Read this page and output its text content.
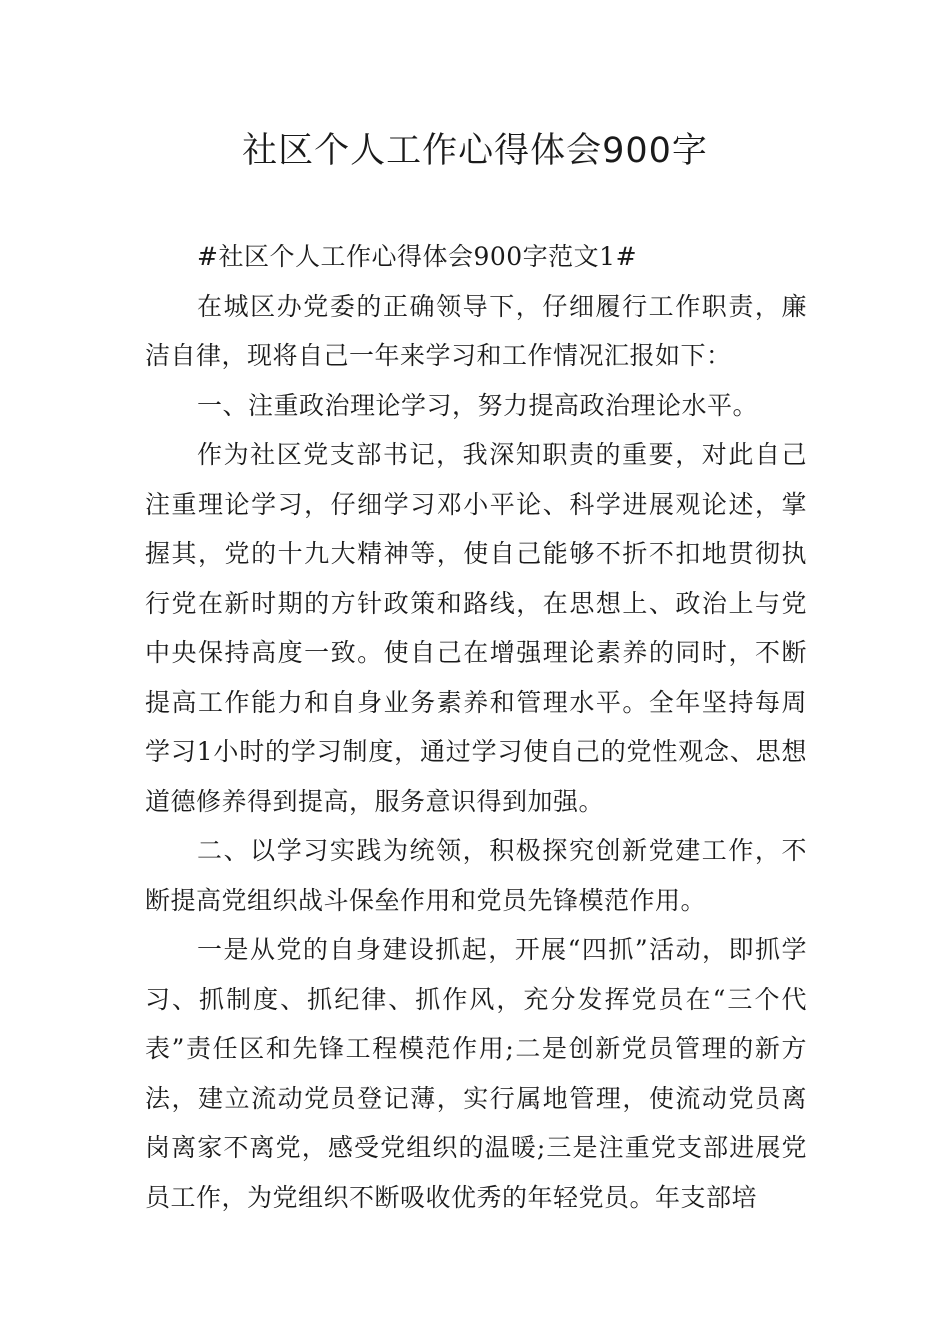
社区个人工作心得体会900字

#社区个人工作心得体会900字范文1#

在城区办党委的正确领导下，仔细履行工作职责，廉洁自律，现将自己一年来学习和工作情况汇报如下：

一、注重政治理论学习，努力提高政治理论水平。

作为社区党支部书记，我深知职责的重要，对此自己注重理论学习，仔细学习邓小平论、科学进展观论述，掌握其，党的十九大精神等，使自己能够不折不扣地贯彻执行党在新时期的方针政策和路线，在思想上、政治上与党中央保持高度一致。使自己在增强理论素养的同时，不断提高工作能力和自身业务素养和管理水平。全年坚持每周学习1小时的学习制度，通过学习使自己的党性观念、思想道德修养得到提高，服务意识得到加强。

二、以学习实践为统领，积极探究创新党建工作，不断提高党组织战斗保垒作用和党员先锋模范作用。

一是从党的自身建设抓起，开展“四抓”活动，即抓学习、抓制度、抓纪律、抓作风，充分发挥党员在“三个代表”责任区和先锋工程模范作用;二是创新党员管理的新方法，建立流动党员登记薄，实行属地管理，使流动党员离岗离家不离党，感受党组织的温暖;三是注重党支部进展党员工作，为党组织不断吸收优秀的年轻党员。年支部培
